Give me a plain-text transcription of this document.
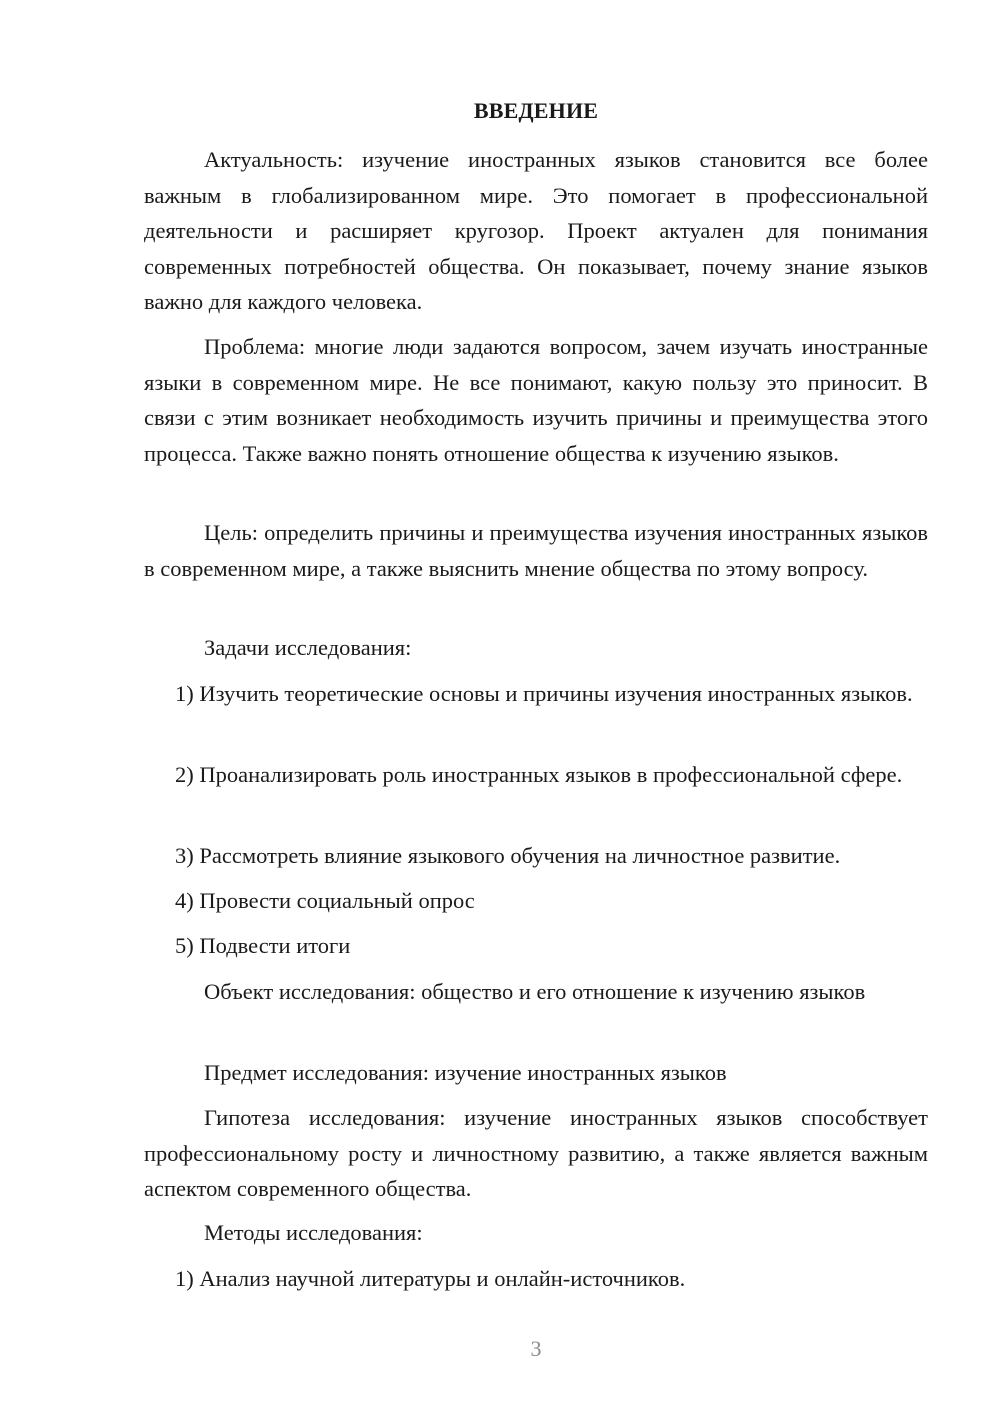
ВВЕДЕНИЕ

Актуальность: изучение иностранных языков становится все более важным в глобализированном мире. Это помогает в профессиональной деятельности и расширяет кругозор. Проект актуален для понимания современных потребностей общества. Он показывает, почему знание языков важно для каждого человека.

Проблема: многие люди задаются вопросом, зачем изучать иностранные языки в современном мире. Не все понимают, какую пользу это приносит. В связи с этим возникает необходимость изучить причины и преимущества этого процесса. Также важно понять отношение общества к изучению языков.

Цель: определить причины и преимущества изучения иностранных языков в современном мире, а также выяснить мнение общества по этому вопросу.

Задачи исследования:

1) Изучить теоретические основы и причины изучения иностранных языков.

2) Проанализировать роль иностранных языков в профессиональной сфере.

3) Рассмотреть влияние языкового обучения на личностное развитие.

4) Провести социальный опрос

5) Подвести итоги

Объект исследования: общество и его отношение к изучению языков

Предмет исследования: изучение иностранных языков

Гипотеза исследования: изучение иностранных языков способствует профессиональному росту и личностному развитию, а также является важным аспектом современного общества.

Методы исследования:

1) Анализ научной литературы и онлайн-источников.

3
